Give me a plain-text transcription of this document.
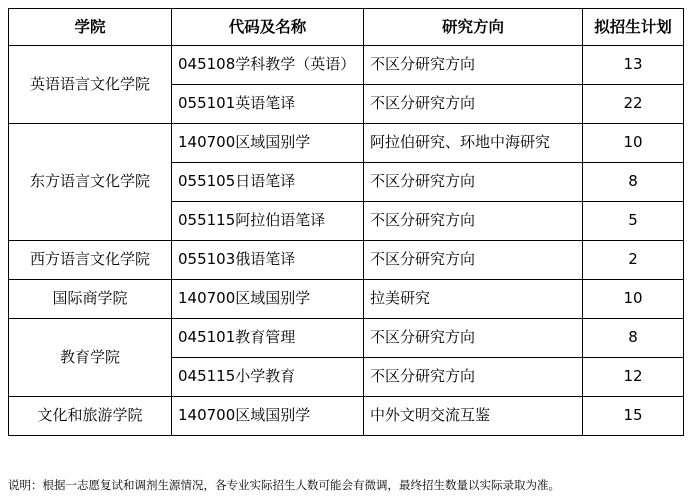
学院	代码及名称	研究方向	拟招生计划
英语语言文化学院	045108学科教学（英语）	不区分研究方向	13
	055101英语笔译	不区分研究方向	22
东方语言文化学院	140700区域国别学	阿拉伯研究、环地中海研究	10
	055105日语笔译	不区分研究方向	8
	055115阿拉伯语笔译	不区分研究方向	5
西方语言文化学院	055103俄语笔译	不区分研究方向	2
国际商学院	140700区域国别学	拉美研究	10
教育学院	045101教育管理	不区分研究方向	8
	045115小学教育	不区分研究方向	12
文化和旅游学院	140700区域国别学	中外文明交流互鉴	15
说明：根据一志愿复试和调剂生源情况，各专业实际招生人数可能会有微调，最终招生数量以实际录取为准。
